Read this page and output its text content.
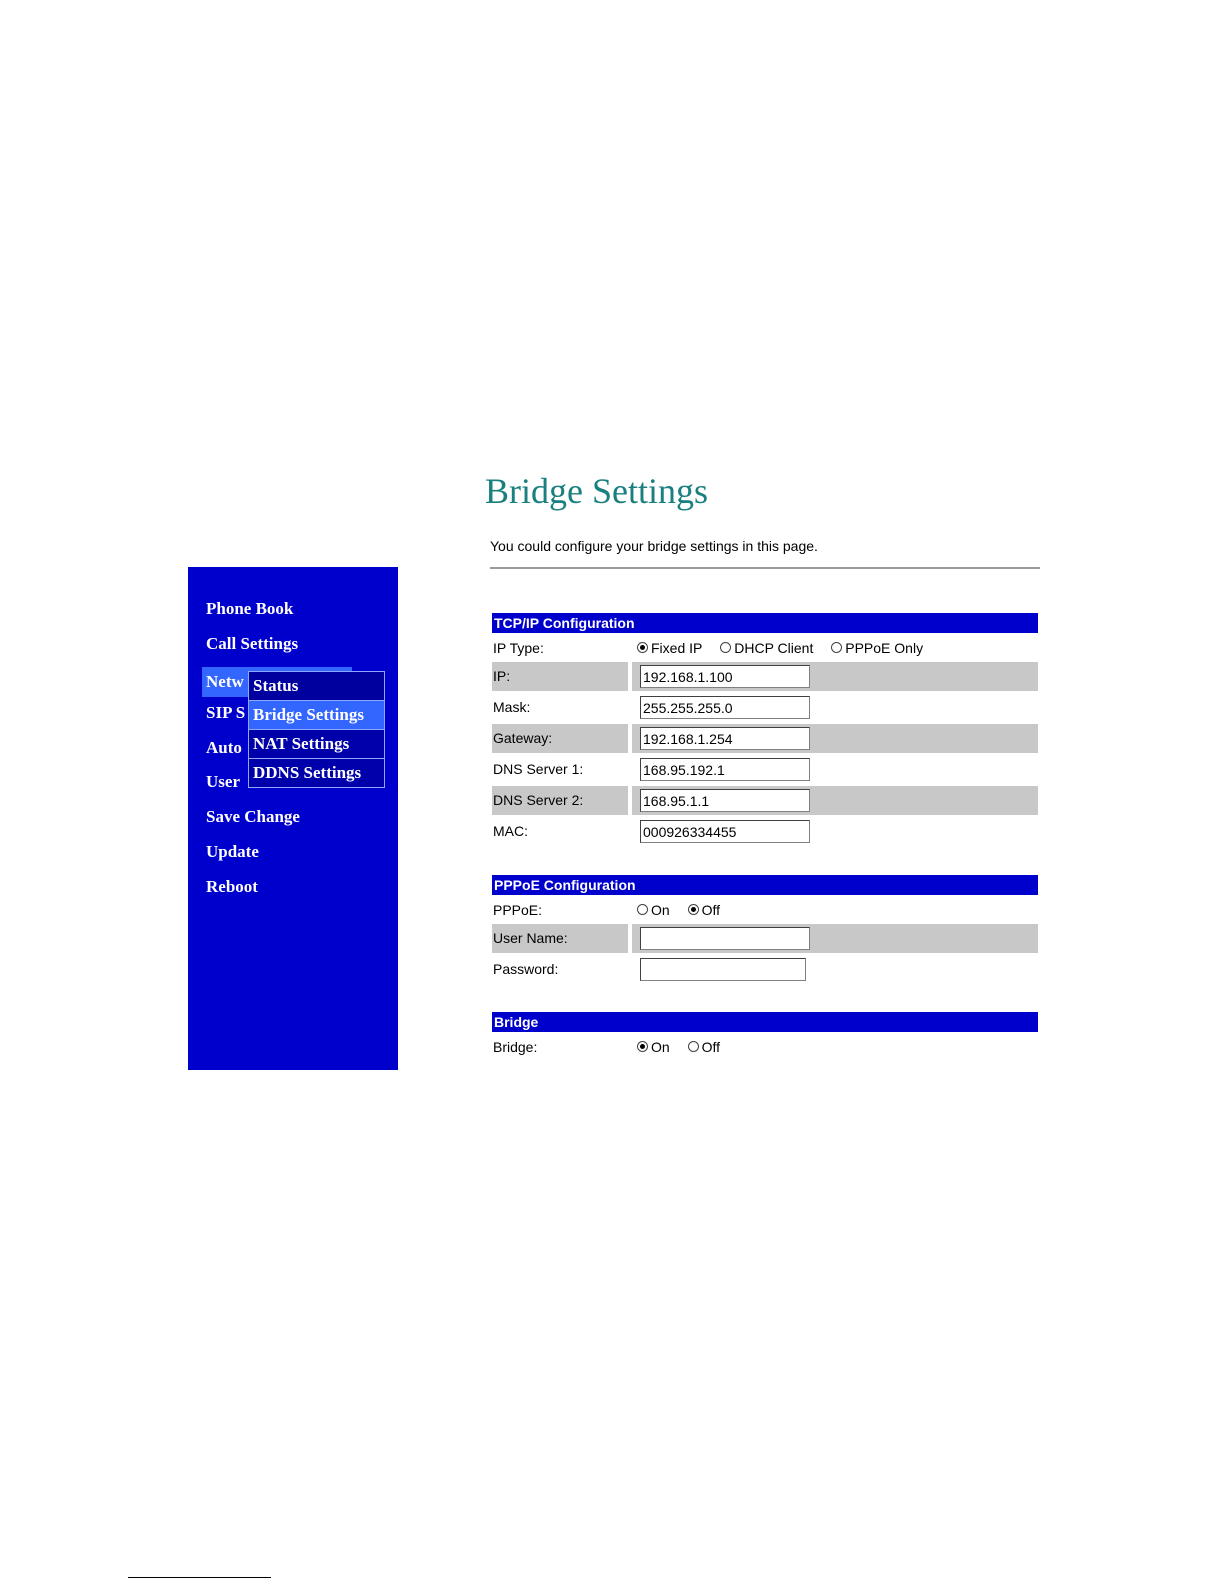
Phone Book
Call Settings
Netw
SIP S
Auto
User
Save Change
Update
Reboot
Status
Bridge Settings
NAT Settings
DDNS Settings
Bridge Settings
You could configure your bridge settings in this page.
TCP/IP Configuration
IP Type:	Fixed IP DHCP Client PPPoE Only
IP:
192.168.1.100
Mask:
255.255.255.0
Gateway:
192.168.1.254
DNS Server 1:
168.95.192.1
DNS Server 2:
168.95.1.1
MAC:
000926334455
PPPoE Configuration
PPPoE:	On Off
User Name:
Password:
Bridge
Bridge:	On Off
